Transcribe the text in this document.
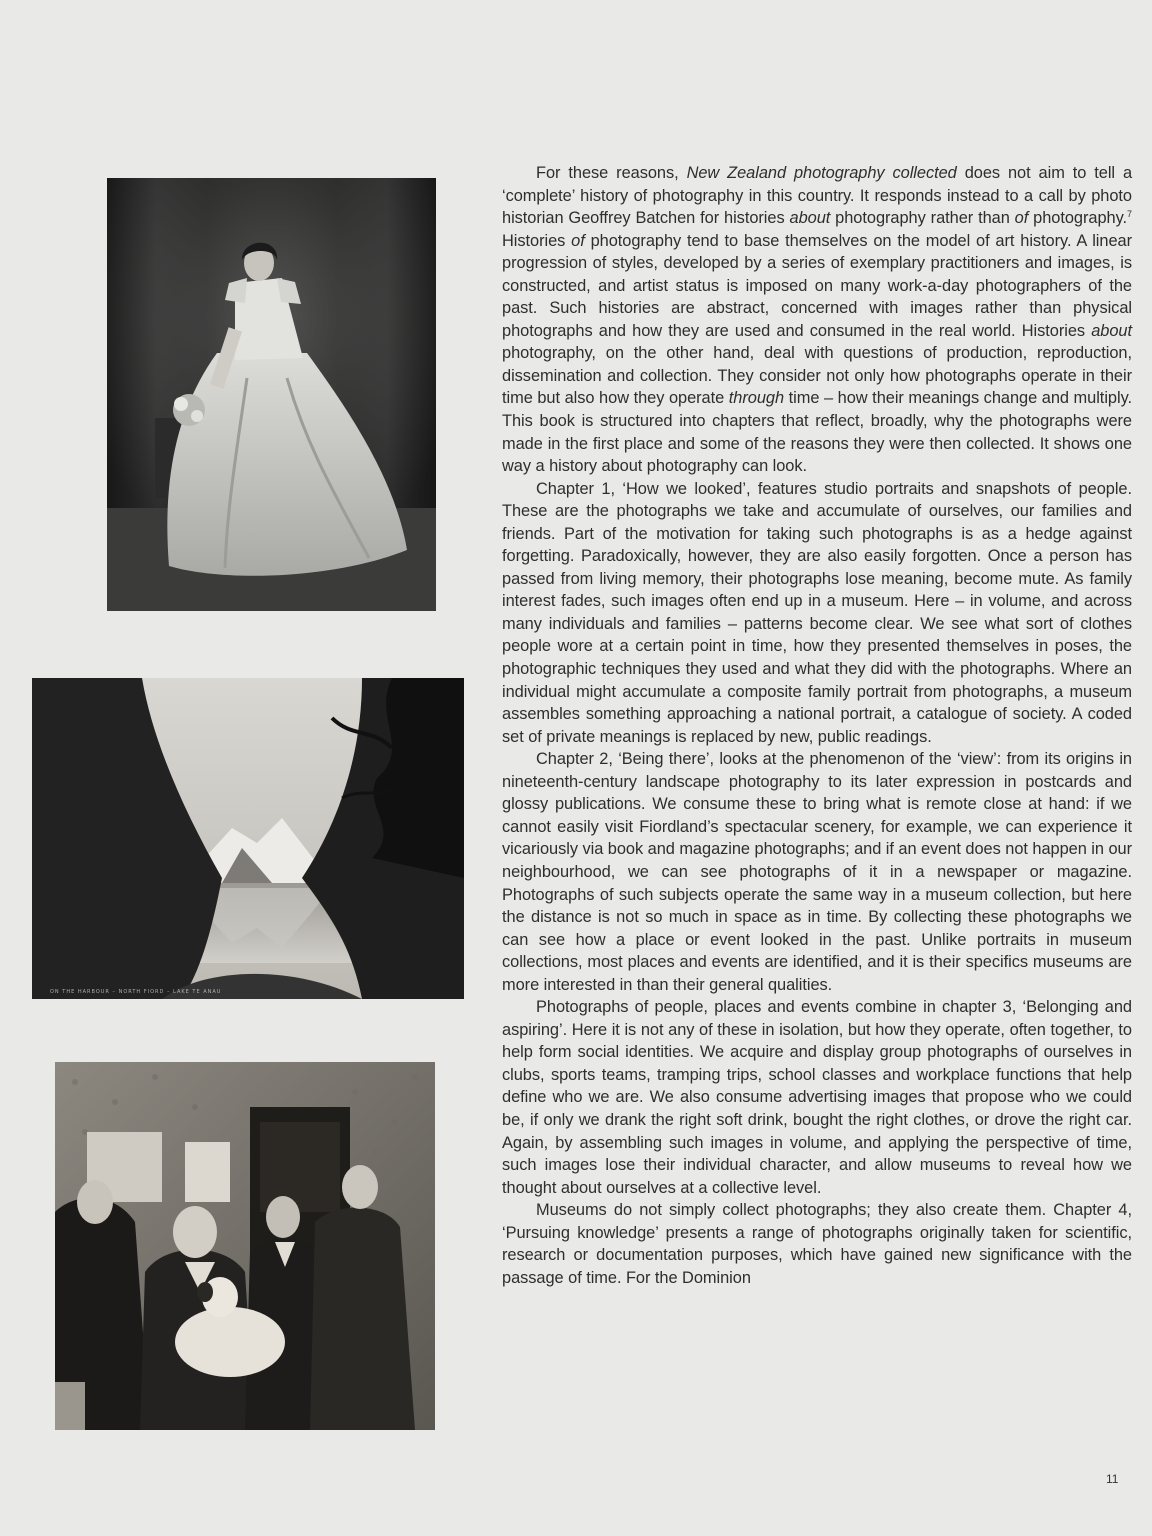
ON THE HARBOUR – NORTH FIORD – LAKE TE ANAU

For these reasons, New Zealand photography collected does not aim to tell a ‘complete’ history of photography in this country. It responds instead to a call by photo historian Geoffrey Batchen for histories about photography rather than of photography.$^7$ Histories of photography tend to base themselves on the model of art history. A linear progression of styles, developed by a series of exemplary practitioners and images, is constructed, and artist status is imposed on many work-a-day photographers of the past. Such histories are abstract, concerned with images rather than physical photographs and how they are used and consumed in the real world. Histories about photography, on the other hand, deal with questions of production, reproduction, dissemination and collection. They consider not only how photographs operate in their time but also how they operate through time – how their meanings change and multiply. This book is structured into chapters that reflect, broadly, why the photographs were made in the first place and some of the reasons they were then collected. It shows one way a history about photography can look.

Chapter 1, ‘How we looked’, features studio portraits and snapshots of people. These are the photographs we take and accumulate of ourselves, our families and friends. Part of the motivation for taking such photographs is as a hedge against forgetting. Paradoxically, however, they are also easily forgotten. Once a person has passed from living memory, their photographs lose meaning, become mute. As family interest fades, such images often end up in a museum. Here – in volume, and across many individuals and families – patterns become clear. We see what sort of clothes people wore at a certain point in time, how they presented themselves in poses, the photographic techniques they used and what they did with the photographs. Where an individual might accumulate a composite family portrait from photographs, a museum assembles something approaching a national portrait, a catalogue of society. A coded set of private meanings is replaced by new, public readings.

Chapter 2, ‘Being there’, looks at the phenomenon of the ‘view’: from its origins in nineteenth-century landscape photography to its later expression in postcards and glossy publications. We consume these to bring what is remote close at hand: if we cannot easily visit Fiordland’s spectacular scenery, for example, we can experience it vicariously via book and magazine photographs; and if an event does not happen in our neighbourhood, we can see photographs of it in a newspaper or magazine. Photographs of such subjects operate the same way in a museum collection, but here the distance is not so much in space as in time. By collecting these photographs we can see how a place or event looked in the past. Unlike portraits in museum collections, most places and events are identified, and it is their specifics museums are more interested in than their general qualities.

Photographs of people, places and events combine in chapter 3, ‘Belonging and aspiring’. Here it is not any of these in isolation, but how they operate, often together, to help form social identities. We acquire and display group photographs of ourselves in clubs, sports teams, tramping trips, school classes and workplace functions that help define who we are. We also consume advertising images that propose who we could be, if only we drank the right soft drink, bought the right clothes, or drove the right car. Again, by assembling such images in volume, and applying the perspective of time, such images lose their individual character, and allow museums to reveal how we thought about ourselves at a collective level.

Museums do not simply collect photographs; they also create them. Chapter 4, ‘Pursuing knowledge’ presents a range of photographs originally taken for scientific, research or documentation purposes, which have gained new significance with the passage of time. For the Dominion

11
